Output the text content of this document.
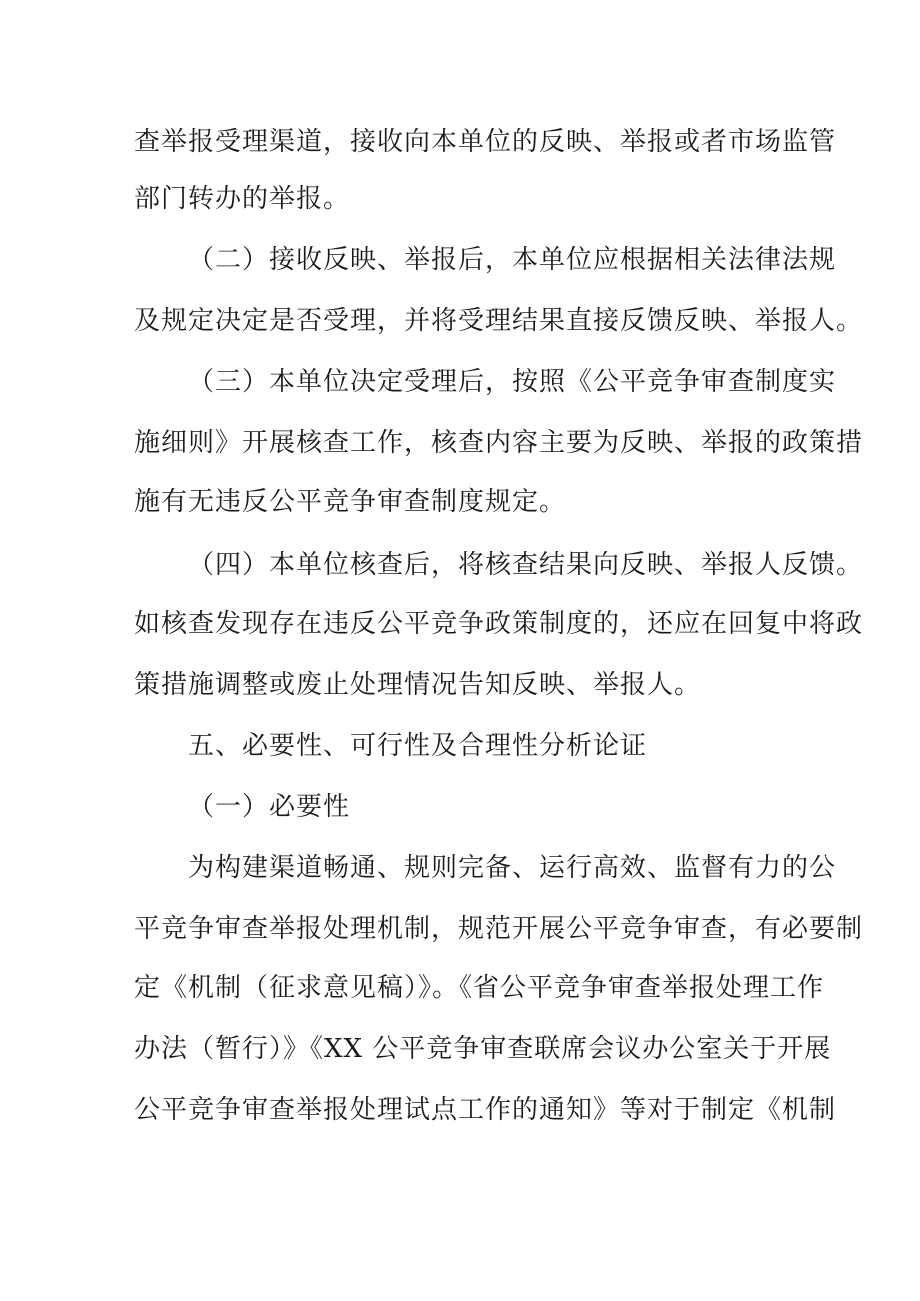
查举报受理渠道，接收向本单位的反映、举报或者市场监管
部门转办的举报。
（二）接收反映、举报后，本单位应根据相关法律法规
及规定决定是否受理，并将受理结果直接反馈反映、举报人。
（三）本单位决定受理后，按照《公平竞争审查制度实
施细则》开展核查工作，核查内容主要为反映、举报的政策措
施有无违反公平竞争审查制度规定。
（四）本单位核查后，将核查结果向反映、举报人反馈。
如核查发现存在违反公平竞争政策制度的，还应在回复中将政
策措施调整或废止处理情况告知反映、举报人。
五、必要性、可行性及合理性分析论证
（一）必要性
为构建渠道畅通、规则完备、运行高效、监督有力的公
平竞争审查举报处理机制，规范开展公平竞争审查，有必要制
定《机制（征求意见稿）》。《省公平竞争审查举报处理工作
办法（暂行）》《XX 公平竞争审查联席会议办公室关于开展
公平竞争审查举报处理试点工作的通知》等对于制定《机制
